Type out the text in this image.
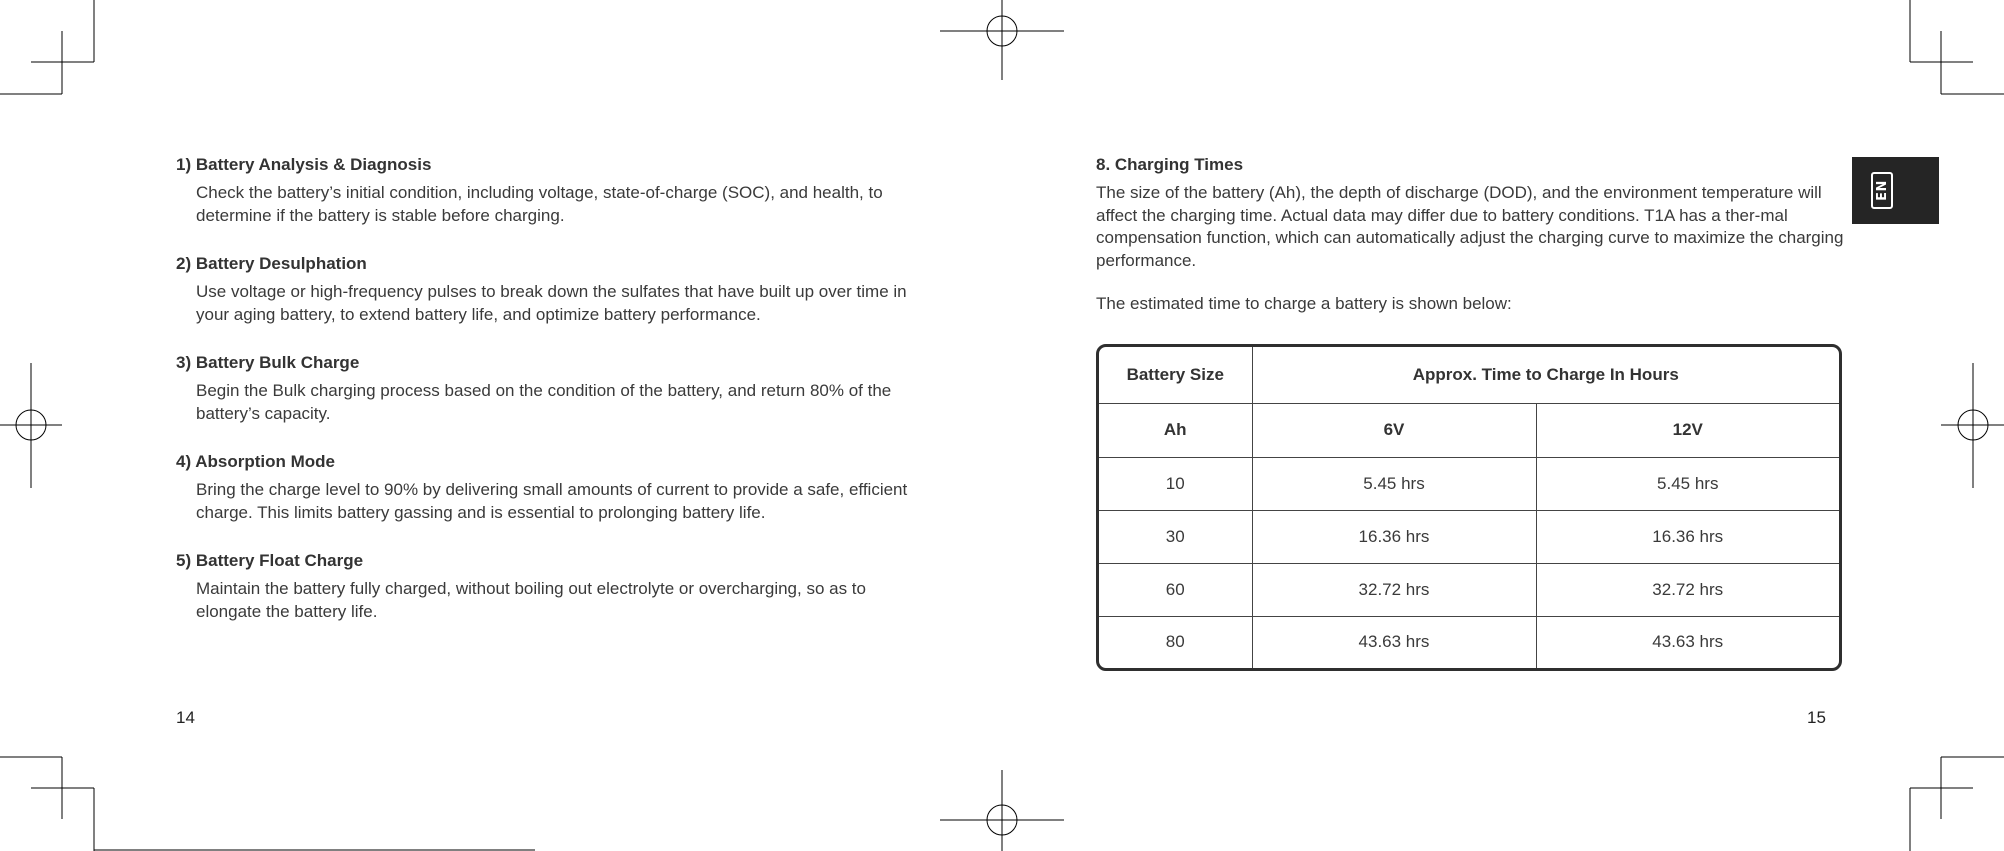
1) Battery Analysis & Diagnosis

Check the battery’s initial condition, including voltage, state-of-charge (SOC), and health, to determine if the battery is stable before charging.

2) Battery Desulphation

Use voltage or high-frequency pulses to break down the sulfates that have built up over time in your aging battery, to extend battery life, and optimize battery performance.

3) Battery Bulk Charge

Begin the Bulk charging process based on the condition of the battery, and return 80% of the battery’s capacity.

4) Absorption Mode

Bring the charge level to 90% by delivering small amounts of current to provide a safe, efficient charge. This limits battery gassing and is essential to prolonging battery life.

5) Battery Float Charge

Maintain the battery fully charged, without boiling out electrolyte or overcharging, so as to elongate the battery life.

14
8. Charging Times

The size of the battery (Ah), the depth of discharge (DOD), and the environment temperature will affect the charging time. Actual data may differ due to battery conditions. T1A has a ther-mal compensation function, which can automatically adjust the charging curve to maximize the charging performance.

The estimated time to charge a battery is shown below:

Battery Size	Approx. Time to Charge In Hours	
Ah	6V	12V
10	5.45 hrs	5.45 hrs
30	16.36 hrs	16.36 hrs
60	32.72 hrs	32.72 hrs
80	43.63 hrs	43.63 hrs
15
EN
